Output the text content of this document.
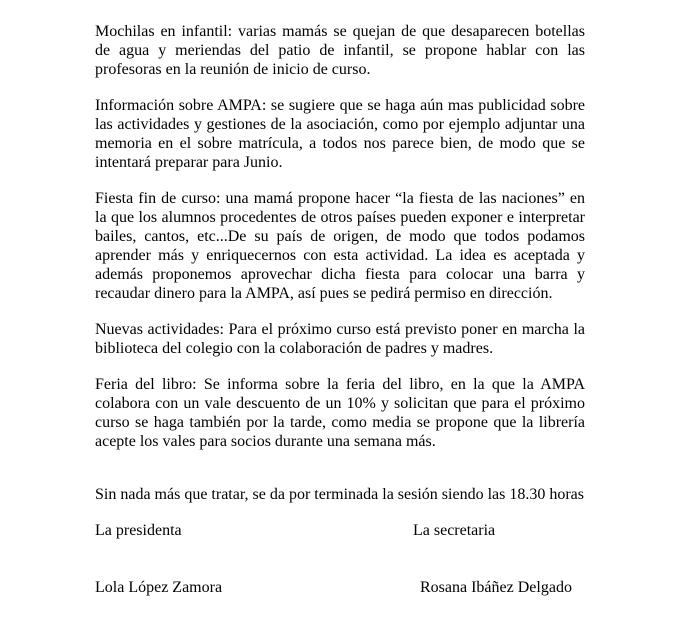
Mochilas en infantil: varias mamás se quejan de que desaparecen botellas de agua y meriendas del patio de infantil, se propone hablar con las profesoras en la reunión de inicio de curso.

Información sobre AMPA: se sugiere que se haga aún mas publicidad sobre las actividades y gestiones de la asociación, como por ejemplo adjuntar una memoria en el sobre matrícula, a todos nos parece bien, de modo que se intentará preparar para Junio.

Fiesta fin de curso: una mamá propone hacer “la fiesta de las naciones” en la que los alumnos procedentes de otros países pueden exponer e interpretar bailes, cantos, etc...De su país de origen, de modo que todos podamos aprender más y enriquecernos con esta actividad. La idea es aceptada y además proponemos aprovechar dicha fiesta para colocar una barra y recaudar dinero para la AMPA, así pues se pedirá permiso en dirección.

Nuevas actividades: Para el próximo curso está previsto poner en marcha la biblioteca del colegio con la colaboración de padres y madres.

Feria del libro: Se informa sobre la feria del libro, en la que la AMPA colabora con un vale descuento de un 10% y solicitan que para el próximo curso se haga también por la tarde, como media se propone que la librería acepte los vales para socios durante una semana más.

Sin nada más que tratar, se da por terminada la sesión siendo las 18.30 horas

La presidenta	La secretaria
Lola López Zamora	Rosana Ibáñez Delgado
